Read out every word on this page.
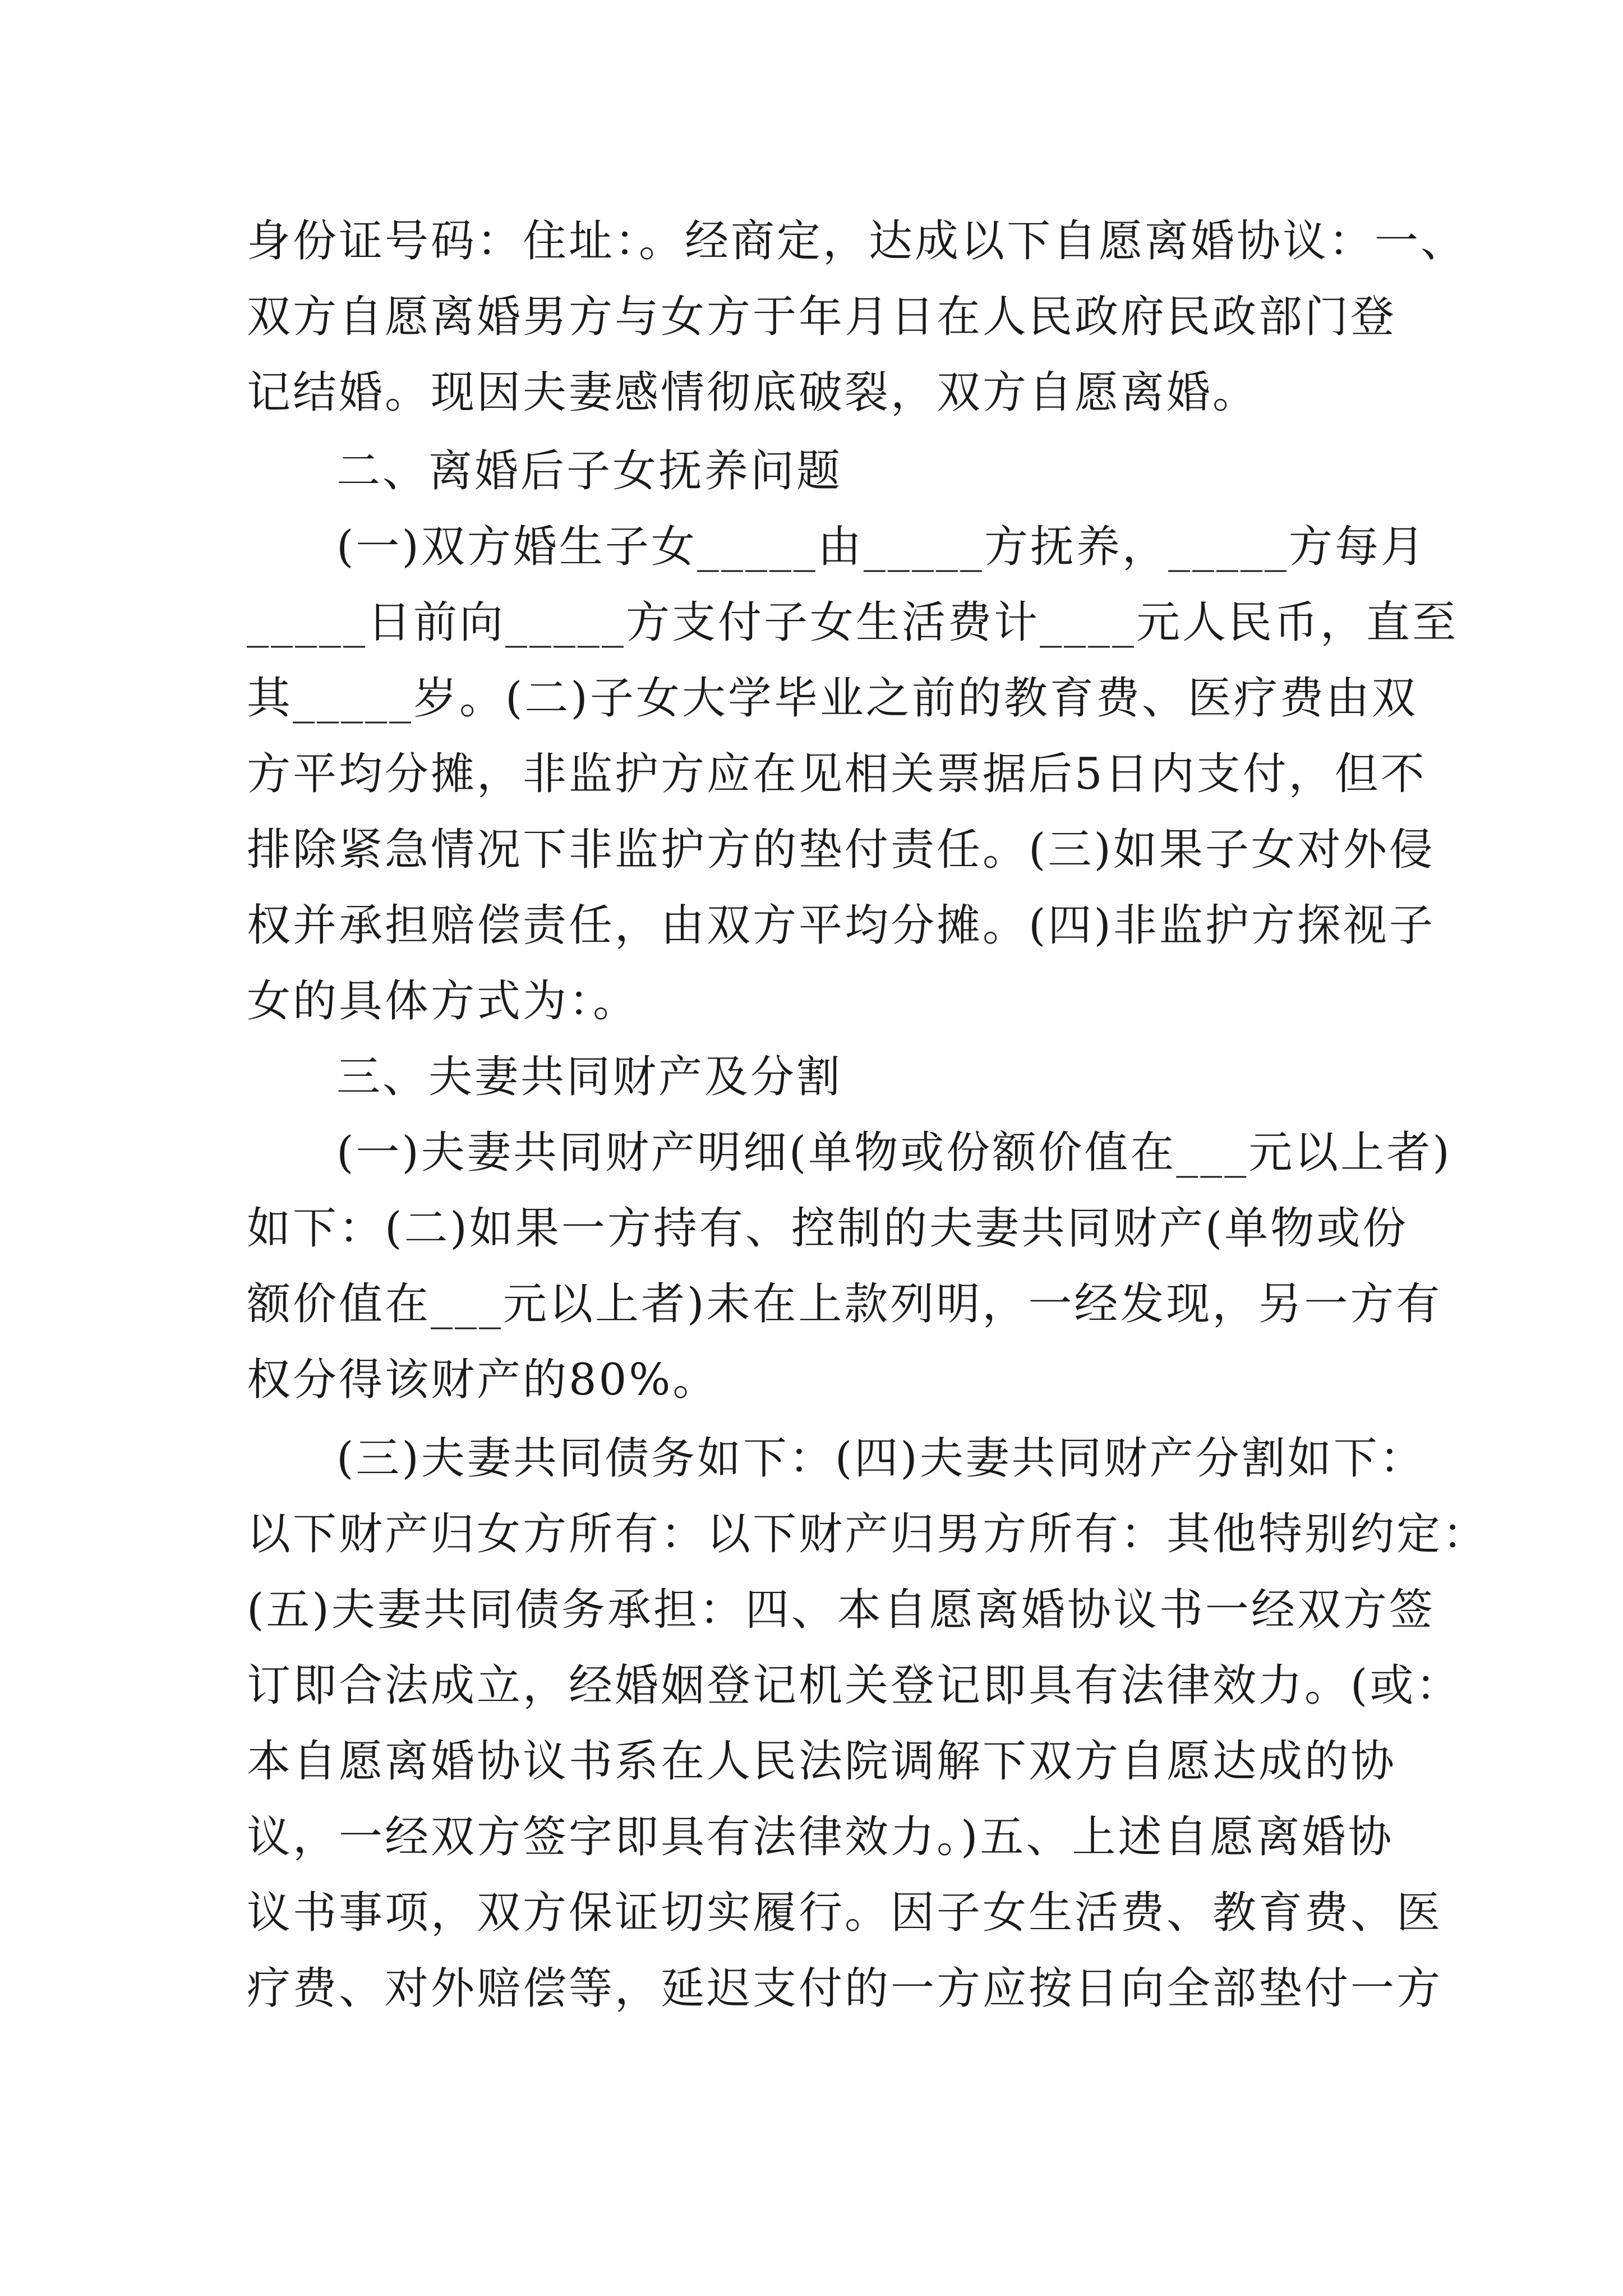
身份证号码：住址：。经商定，达成以下自愿离婚协议：一、
双方自愿离婚男方与女方于年月日在人民政府民政部门登
记结婚。现因夫妻感情彻底破裂，双方自愿离婚。
二、离婚后子女抚养问题
(一)双方婚生子女_____由_____方抚养，_____方每月
_____日前向_____方支付子女生活费计____元人民币，直至
其_____岁。(二)子女大学毕业之前的教育费、医疗费由双
方平均分摊，非监护方应在见相关票据后5日内支付，但不
排除紧急情况下非监护方的垫付责任。(三)如果子女对外侵
权并承担赔偿责任，由双方平均分摊。(四)非监护方探视子
女的具体方式为：。
三、夫妻共同财产及分割
(一)夫妻共同财产明细(单物或份额价值在___元以上者)
如下：(二)如果一方持有、控制的夫妻共同财产(单物或份
额价值在___元以上者)未在上款列明，一经发现，另一方有
权分得该财产的80%。
(三)夫妻共同债务如下：(四)夫妻共同财产分割如下：
以下财产归女方所有：以下财产归男方所有：其他特别约定：
(五)夫妻共同债务承担：四、本自愿离婚协议书一经双方签
订即合法成立，经婚姻登记机关登记即具有法律效力。(或：
本自愿离婚协议书系在人民法院调解下双方自愿达成的协
议，一经双方签字即具有法律效力。)五、上述自愿离婚协
议书事项，双方保证切实履行。因子女生活费、教育费、医
疗费、对外赔偿等，延迟支付的一方应按日向全部垫付一方
